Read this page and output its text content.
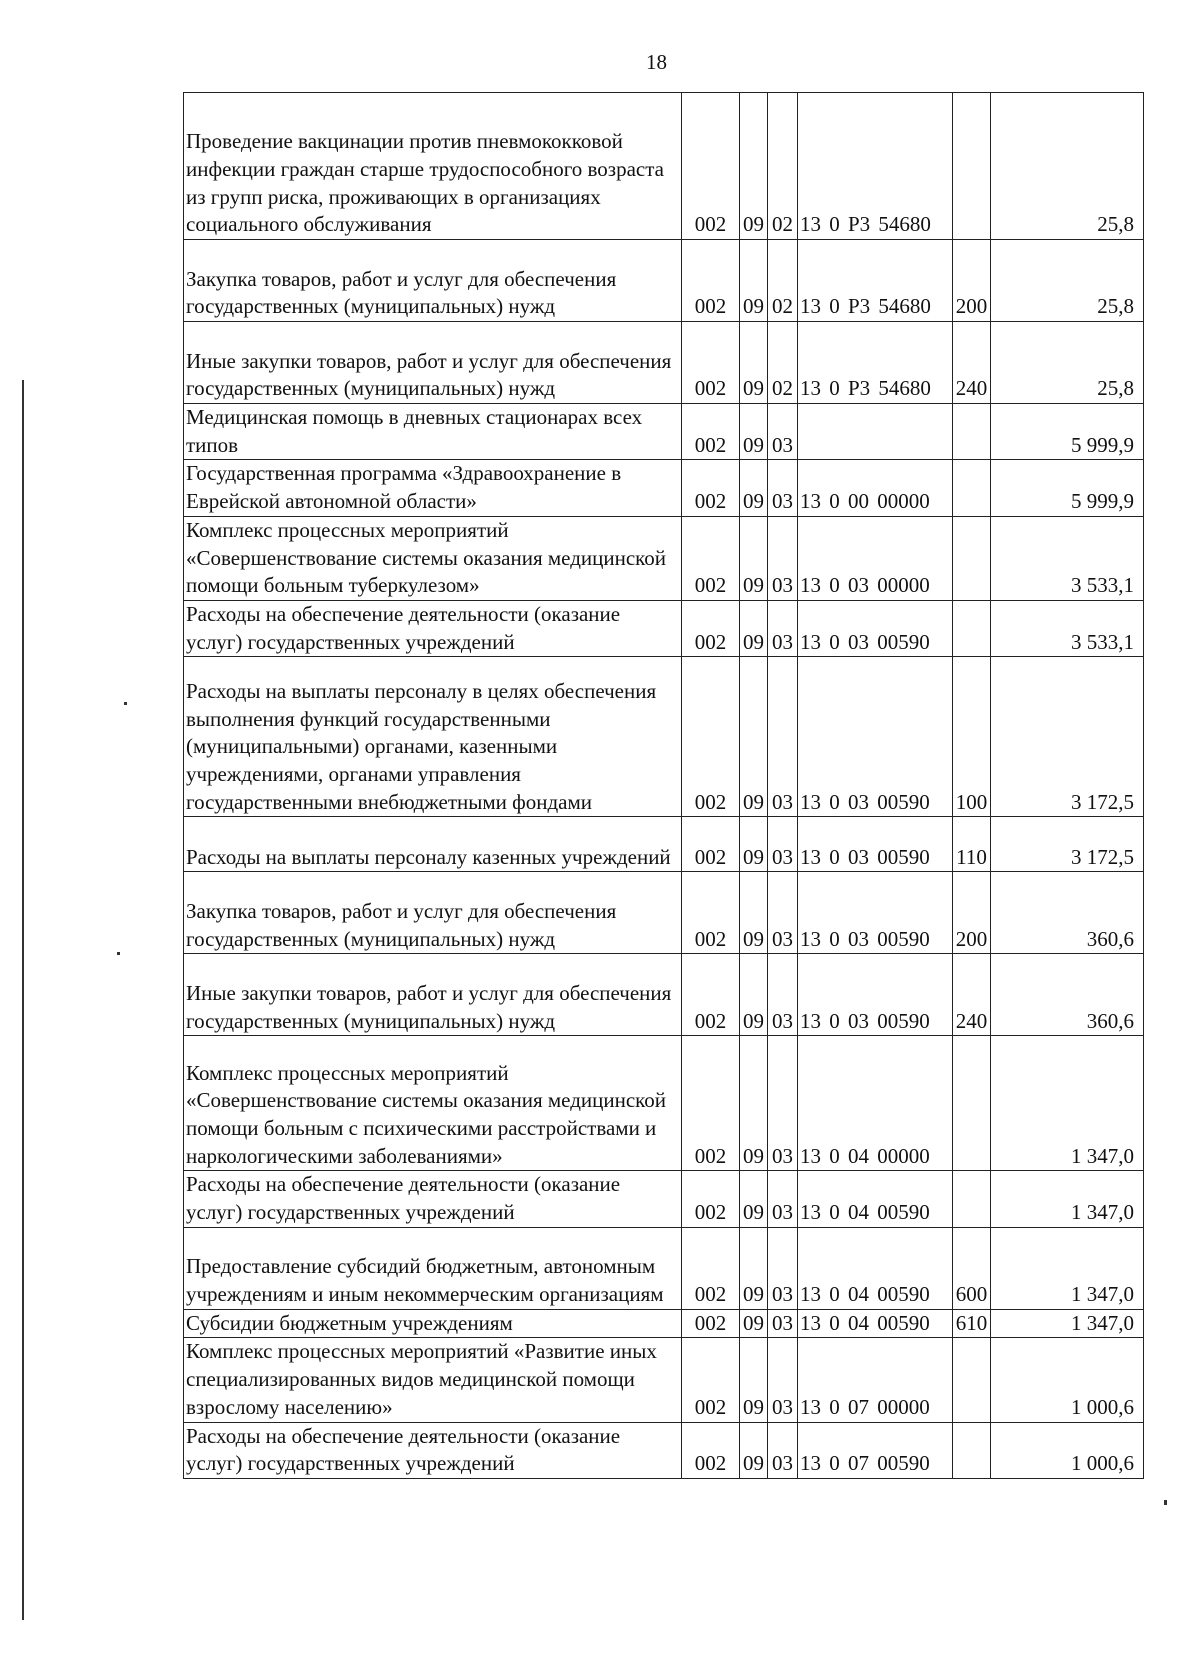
18
Проведение вакцинации против пневмококковой инфекции граждан старше трудоспособного возраста из групп риска, проживающих в организациях социального обслуживания	002	09	02	13 0 Р3 54680		25,8
Закупка товаров, работ и услуг для обеспечения государственных (муниципальных) нужд	002	09	02	13 0 Р3 54680	200	25,8
Иные закупки товаров, работ и услуг для обеспечения государственных (муниципальных) нужд	002	09	02	13 0 Р3 54680	240	25,8
Медицинская помощь в дневных стационарах всех типов	002	09	03			5 999,9
Государственная программа «Здравоохранение в Еврейской автономной области»	002	09	03	13 0 00 00000		5 999,9
Комплекс процессных мероприятий «Совершенствование системы оказания медицинской помощи больным туберкулезом»	002	09	03	13 0 03 00000		3 533,1
Расходы на обеспечение деятельности (оказание услуг) государственных учреждений	002	09	03	13 0 03 00590		3 533,1
Расходы на выплаты персоналу в целях обеспечения выполнения функций государственными (муниципальными) органами, казенными учреждениями, органами управления государственными внебюджетными фондами	002	09	03	13 0 03 00590	100	3 172,5
Расходы на выплаты персоналу казенных учреждений	002	09	03	13 0 03 00590	110	3 172,5
Закупка товаров, работ и услуг для обеспечения государственных (муниципальных) нужд	002	09	03	13 0 03 00590	200	360,6
Иные закупки товаров, работ и услуг для обеспечения государственных (муниципальных) нужд	002	09	03	13 0 03 00590	240	360,6
Комплекс процессных мероприятий «Совершенствование системы оказания медицинской помощи больным с психическими расстройствами и наркологическими заболеваниями»	002	09	03	13 0 04 00000		1 347,0
Расходы на обеспечение деятельности (оказание услуг) государственных учреждений	002	09	03	13 0 04 00590		1 347,0
Предоставление субсидий бюджетным, автономным учреждениям и иным некоммерческим организациям	002	09	03	13 0 04 00590	600	1 347,0
Субсидии бюджетным учреждениям	002	09	03	13 0 04 00590	610	1 347,0
Комплекс процессных мероприятий «Развитие иных специализированных видов медицинской помощи взрослому населению»	002	09	03	13 0 07 00000		1 000,6
Расходы на обеспечение деятельности (оказание услуг) государственных учреждений	002	09	03	13 0 07 00590		1 000,6
